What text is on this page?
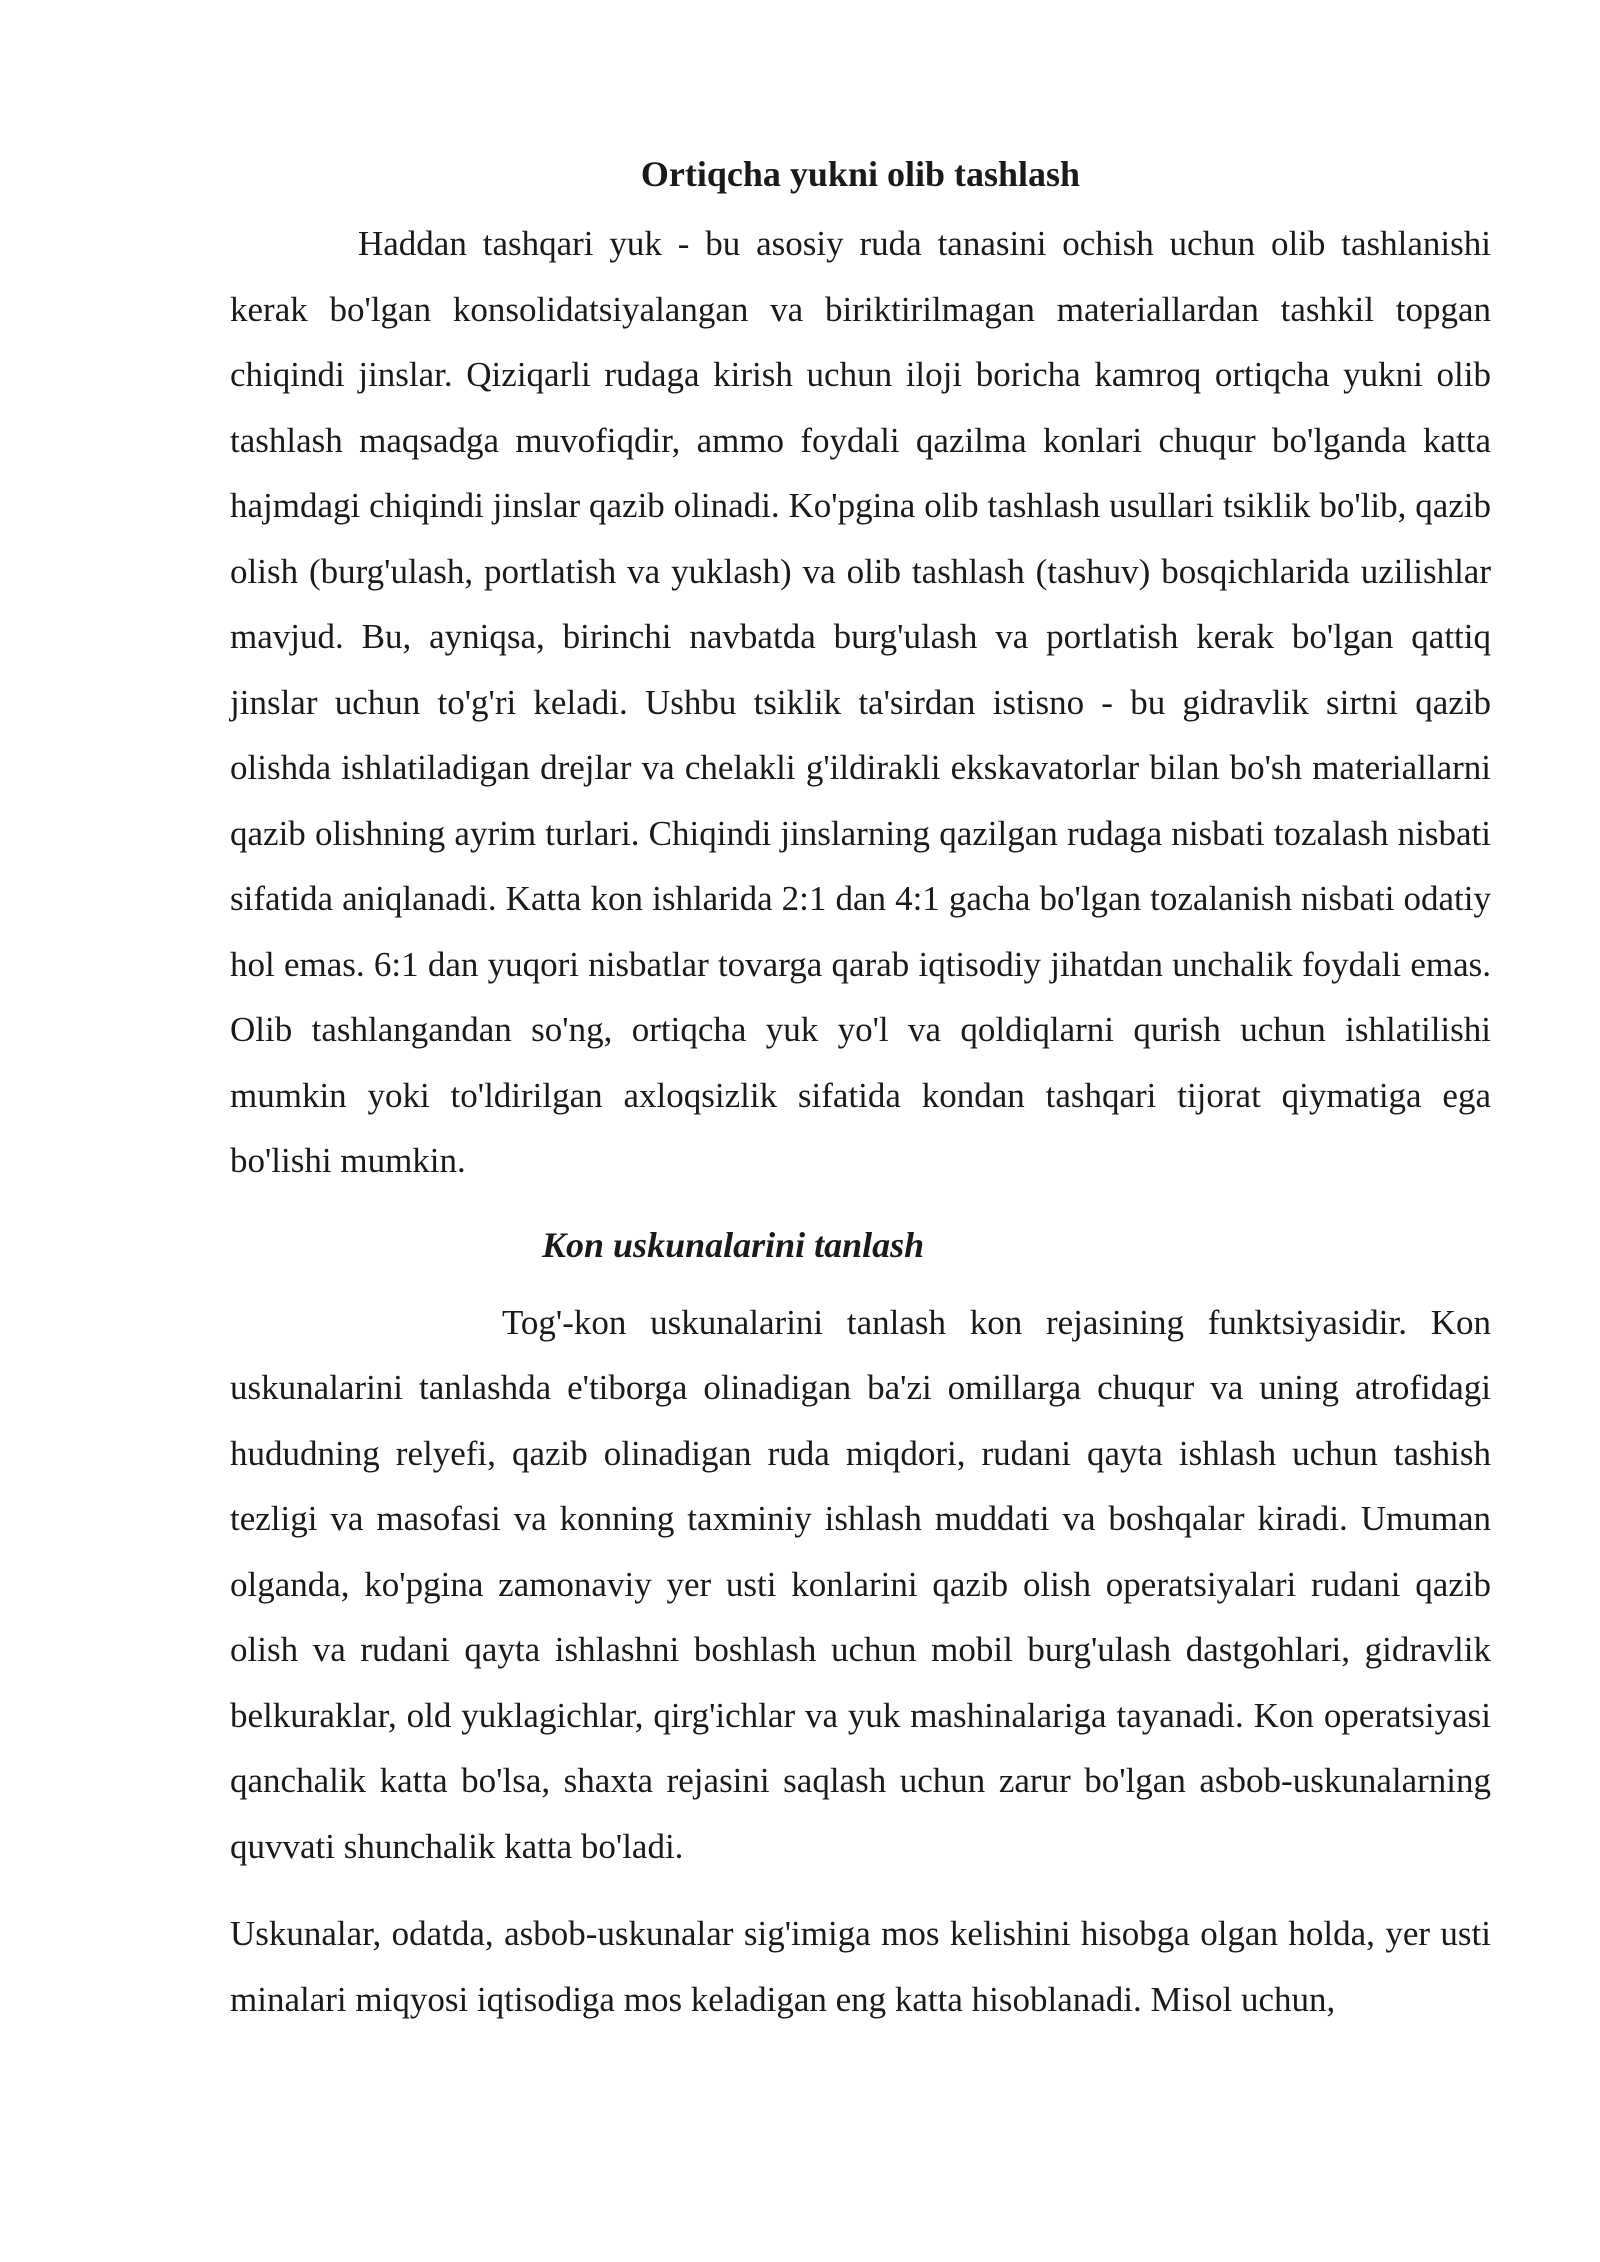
Ortiqcha yukni olib tashlash

Haddan tashqari yuk - bu asosiy ruda tanasini ochish uchun olib tashlanishi kerak bo'lgan konsolidatsiyalangan va biriktirilmagan materiallardan tashkil topgan chiqindi jinslar. Qiziqarli rudaga kirish uchun iloji boricha kamroq ortiqcha yukni olib tashlash maqsadga muvofiqdir, ammo foydali qazilma konlari chuqur bo'lganda katta hajmdagi chiqindi jinslar qazib olinadi. Ko'pgina olib tashlash usullari tsiklik bo'lib, qazib olish (burg'ulash, portlatish va yuklash) va olib tashlash (tashuv) bosqichlarida uzilishlar mavjud. Bu, ayniqsa, birinchi navbatda burg'ulash va portlatish kerak bo'lgan qattiq jinslar uchun to'g'ri keladi. Ushbu tsiklik ta'sirdan istisno - bu gidravlik sirtni qazib olishda ishlatiladigan drejlar va chelakli g'ildirakli ekskavatorlar bilan bo'sh materiallarni qazib olishning ayrim turlari. Chiqindi jinslarning qazilgan rudaga nisbati tozalash nisbati sifatida aniqlanadi. Katta kon ishlarida 2:1 dan 4:1 gacha bo'lgan tozalanish nisbati odatiy hol emas. 6:1 dan yuqori nisbatlar tovarga qarab iqtisodiy jihatdan unchalik foydali emas. Olib tashlangandan so'ng, ortiqcha yuk yo'l va qoldiqlarni qurish uchun ishlatilishi mumkin yoki to'ldirilgan axloqsizlik sifatida kondan tashqari tijorat qiymatiga ega bo'lishi mumkin.

Kon uskunalarini tanlash

Tog'-kon uskunalarini tanlash kon rejasining funktsiyasidir. Kon uskunalarini tanlashda e'tiborga olinadigan ba'zi omillarga chuqur va uning atrofidagi hududning relyefi, qazib olinadigan ruda miqdori, rudani qayta ishlash uchun tashish tezligi va masofasi va konning taxminiy ishlash muddati va boshqalar kiradi. Umuman olganda, ko'pgina zamonaviy yer usti konlarini qazib olish operatsiyalari rudani qazib olish va rudani qayta ishlashni boshlash uchun mobil burg'ulash dastgohlari, gidravlik belkuraklar, old yuklagichlar, qirg'ichlar va yuk mashinalariga tayanadi. Kon operatsiyasi qanchalik katta bo'lsa, shaxta rejasini saqlash uchun zarur bo'lgan asbob-uskunalarning quvvati shunchalik katta bo'ladi.

Uskunalar, odatda, asbob-uskunalar sig'imiga mos kelishini hisobga olgan holda, yer usti minalari miqyosi iqtisodiga mos keladigan eng katta hisoblanadi. Misol uchun,
